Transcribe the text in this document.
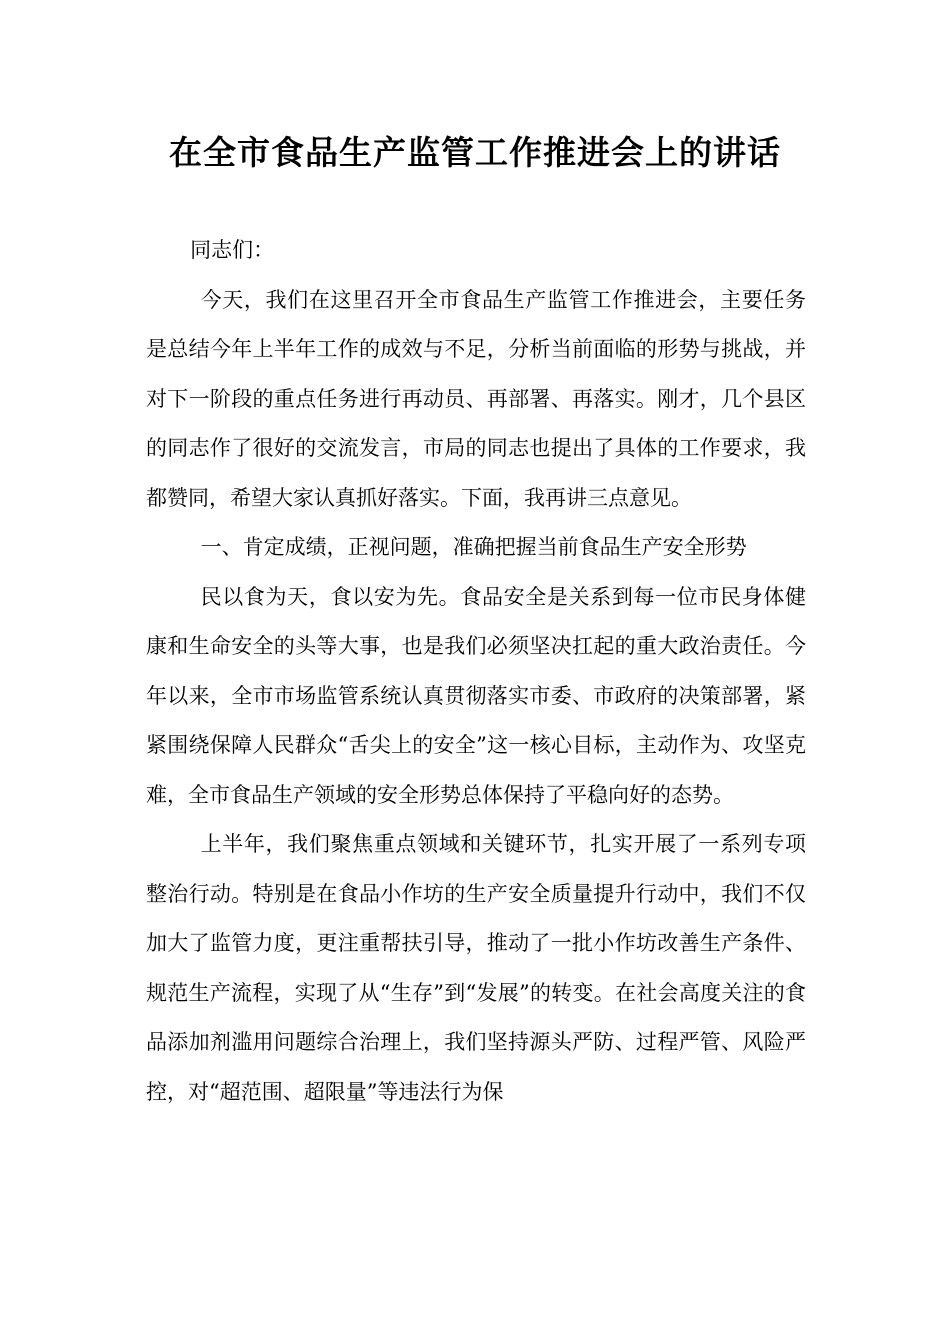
在全市食品生产监管工作推进会上的讲话

同志们：

今天，我们在这里召开全市食品生产监管工作推进会，主要任务是总结今年上半年工作的成效与不足，分析当前面临的形势与挑战，并对下一阶段的重点任务进行再动员、再部署、再落实。刚才，几个县区的同志作了很好的交流发言，市局的同志也提出了具体的工作要求，我都赞同，希望大家认真抓好落实。下面，我再讲三点意见。

一、肯定成绩，正视问题，准确把握当前食品生产安全形势

民以食为天，食以安为先。食品安全是关系到每一位市民身体健康和生命安全的头等大事，也是我们必须坚决扛起的重大政治责任。今年以来，全市市场监管系统认真贯彻落实市委、市政府的决策部署，紧紧围绕保障人民群众“舌尖上的安全”这一核心目标，主动作为、攻坚克难，全市食品生产领域的安全形势总体保持了平稳向好的态势。

上半年，我们聚焦重点领域和关键环节，扎实开展了一系列专项整治行动。特别是在食品小作坊的生产安全质量提升行动中，我们不仅加大了监管力度，更注重帮扶引导，推动了一批小作坊改善生产条件、规范生产流程，实现了从“生存”到“发展”的转变。在社会高度关注的食品添加剂滥用问题综合治理上，我们坚持源头严防、过程严管、风险严控，对“超范围、超限量”等违法行为保
